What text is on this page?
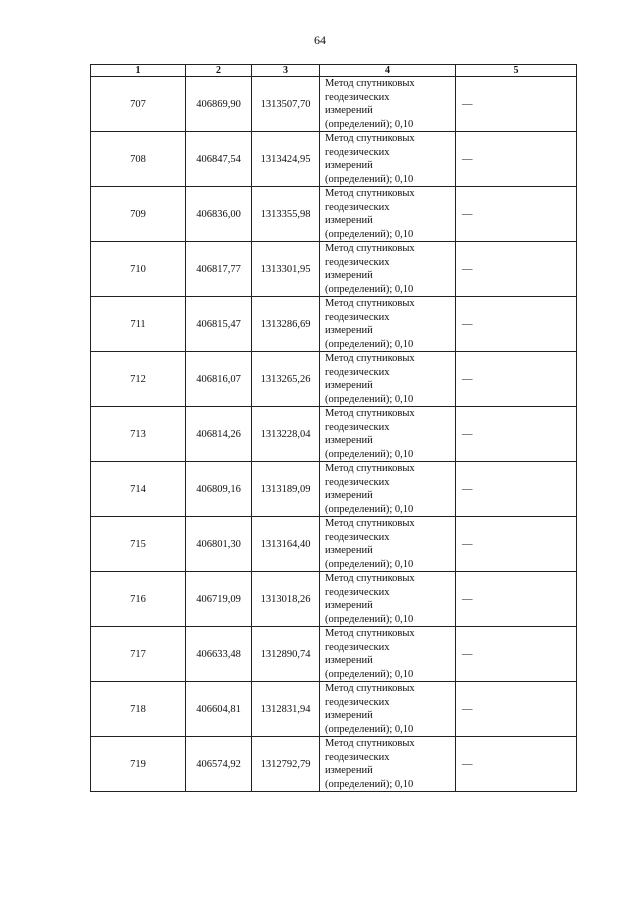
64
1	2	3	4	5
707	406869,90	1313507,70	Метод спутниковых
геодезических
измерений
(определений); 0,10	—
708	406847,54	1313424,95	Метод спутниковых
геодезических
измерений
(определений); 0,10	—
709	406836,00	1313355,98	Метод спутниковых
геодезических
измерений
(определений); 0,10	—
710	406817,77	1313301,95	Метод спутниковых
геодезических
измерений
(определений); 0,10	—
711	406815,47	1313286,69	Метод спутниковых
геодезических
измерений
(определений); 0,10	—
712	406816,07	1313265,26	Метод спутниковых
геодезических
измерений
(определений); 0,10	—
713	406814,26	1313228,04	Метод спутниковых
геодезических
измерений
(определений); 0,10	—
714	406809,16	1313189,09	Метод спутниковых
геодезических
измерений
(определений); 0,10	—
715	406801,30	1313164,40	Метод спутниковых
геодезических
измерений
(определений); 0,10	—
716	406719,09	1313018,26	Метод спутниковых
геодезических
измерений
(определений); 0,10	—
717	406633,48	1312890,74	Метод спутниковых
геодезических
измерений
(определений); 0,10	—
718	406604,81	1312831,94	Метод спутниковых
геодезических
измерений
(определений); 0,10	—
719	406574,92	1312792,79	Метод спутниковых
геодезических
измерений
(определений); 0,10	—
